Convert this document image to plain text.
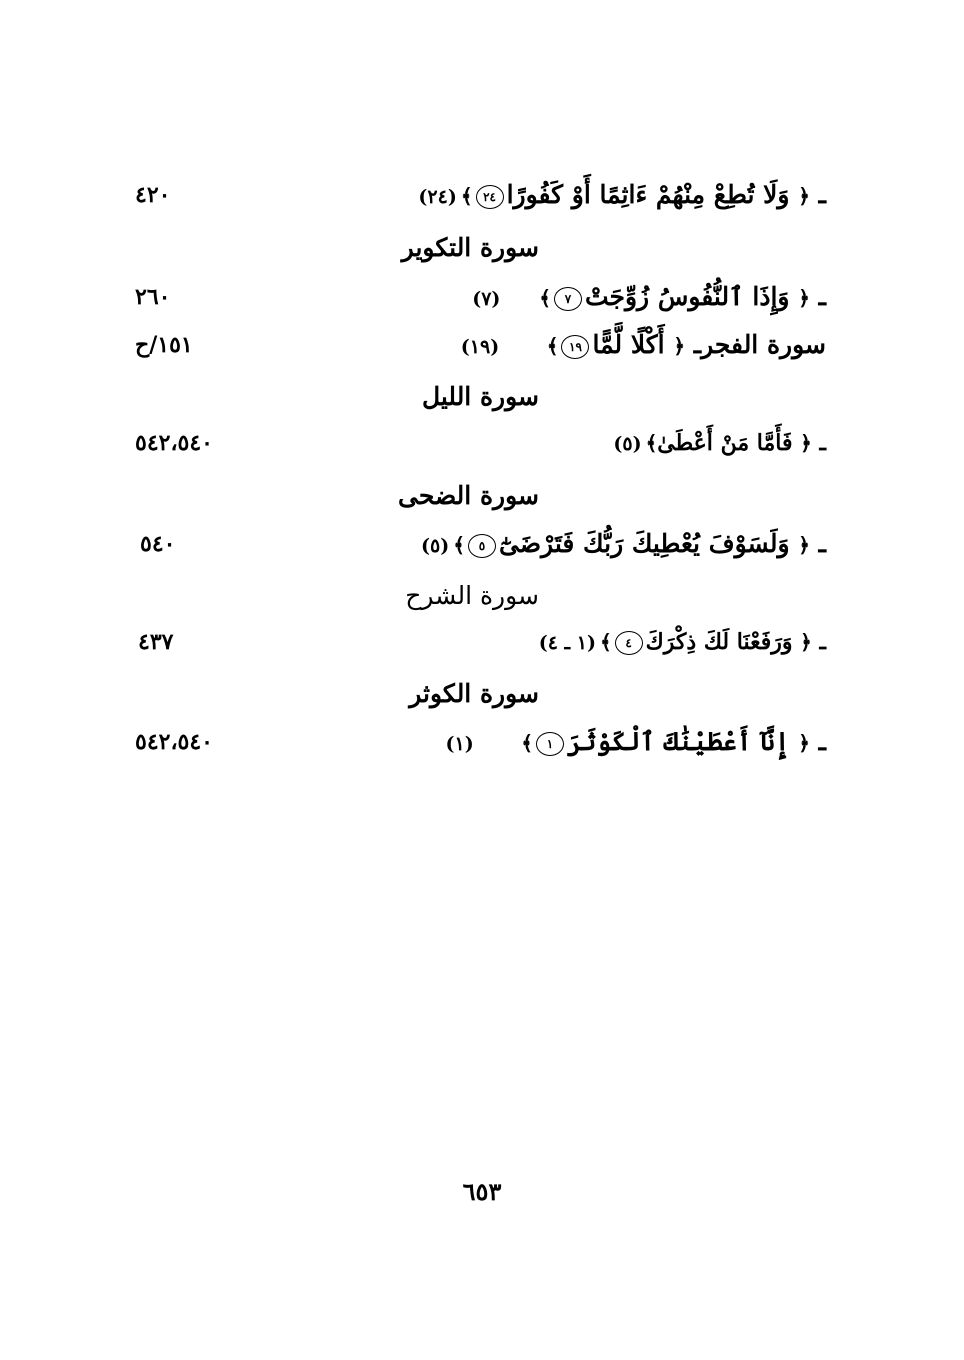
ـ ﴿ وَلَا تُطِعْ مِنْهُمْ ءَاثِمًا أَوْ كَفُورًا٢٤﴾(٢٤)
٤٢٠
سورة التكوير
ـ ﴿ وَإِذَا ٱلنُّفُوسُ زُوِّجَتْ٧﴾    (٧)
٢٦٠
سورة الفجرـ ﴿ أَكْلًا لَّمًّا١٩﴾     (١٩)
١٥١/ح
سورة الليل
ـ ﴿ فَأَمَّا مَنْ أَعْطَىٰ﴾(٥)
٥٤٢،٥٤٠
سورة الضحى
ـ ﴿ وَلَسَوْفَ يُعْطِيكَ رَبُّكَ فَتَرْضَىٰٓ٥﴾(٥)
٥٤٠
سورة الشرح
ـ ﴿ وَرَفَعْنَا لَكَ ذِكْرَكَ٤﴾(١ ـ ٤)
٤٣٧
سورة الكوثر
ـ ﴿ إِنَّآ أَعْطَيْنَٰكَ ٱلْكَوْثَرَ١﴾     (١)
٥٤٢،٥٤٠
٦٥٣
